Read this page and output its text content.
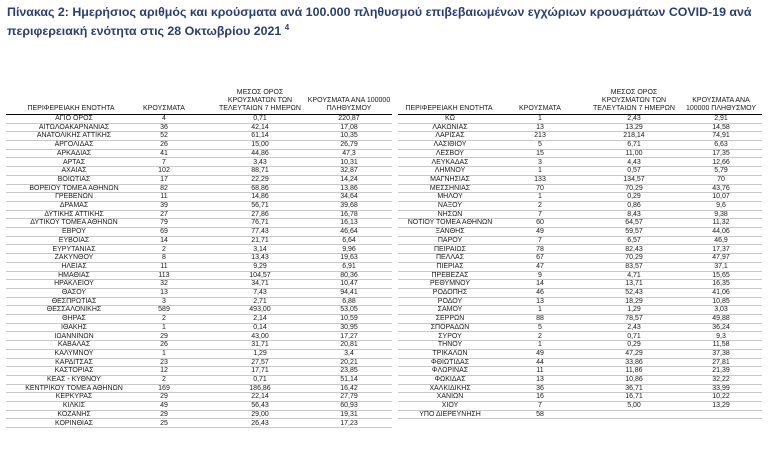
Πίνακας 2: Ημερήσιος αριθμός και κρούσματα ανά 100.000 πληθυσμού επιβεβαιωμένων εγχώριων κρουσμάτων COVID-19 ανά περιφερειακή ενότητα στις 28 Οκτωβρίου 2021 $^4$
ΠΕΡΙΦΕΡΕΙΑΚΗ ΕΝΟΤΗΤΑ	ΚΡΟΥΣΜΑΤΑ
ΜΕΣΟΣ ΟΡΟΣ ΚΡΟΥΣΜΑΤΩΝ ΤΩΝ ΤΕΛΕΥΤΑΙΩΝ 7 ΗΜΕΡΩΝ
ΚΡΟΥΣΜΑΤΑ ΑΝΑ 100000 ΠΛΗΘΥΣΜΟΥ
ΑΓΙΟ ΟΡΟΣ	4	0,71	220,87
ΑΙΤΩΛΟΑΚΑΡΝΑΝΙΑΣ	36	42,14	17,08
ΑΝΑΤΟΛΙΚΗΣ ΑΤΤΙΚΗΣ	52	61,14	10,35
ΑΡΓΟΛΙΔΑΣ	26	15,00	26,79
ΑΡΚΑΔΙΑΣ	41	44,86	47,3
ΑΡΤΑΣ	7	3,43	10,31
ΑΧΑΪΑΣ	102	88,71	32,87
ΒΟΙΩΤΙΑΣ	17	22,29	14,24
ΒΟΡΕΙΟΥ ΤΟΜΕΑ ΑΘΗΝΩΝ	82	68,86	13,86
ΓΡΕΒΕΝΩΝ	11	14,86	34,64
ΔΡΑΜΑΣ	39	56,71	39,68
ΔΥΤΙΚΗΣ ΑΤΤΙΚΗΣ	27	27,86	16,78
ΔΥΤΙΚΟΥ ΤΟΜΕΑ ΑΘΗΝΩΝ	79	76,71	16,13
ΕΒΡΟΥ	69	77,43	46,64
ΕΥΒΟΙΑΣ	14	21,71	6,64
ΕΥΡΥΤΑΝΙΑΣ	2	3,14	9,96
ΖΑΚΥΝΘΟΥ	8	13,43	19,63
ΗΛΕΙΑΣ	11	9,29	6,91
ΗΜΑΘΙΑΣ	113	104,57	80,36
ΗΡΑΚΛΕΙΟΥ	32	34,71	10,47
ΘΑΣΟΥ	13	7,43	94,41
ΘΕΣΠΡΩΤΙΑΣ	3	2,71	6,88
ΘΕΣΣΑΛΟΝΙΚΗΣ	589	493,00	53,05
ΘΗΡΑΣ	2	2,14	10,59
ΙΘΑΚΗΣ	1	0,14	30,95
ΙΩΑΝΝΙΝΩΝ	29	43,00	17,27
ΚΑΒΑΛΑΣ	26	31,71	20,81
ΚΑΛΥΜΝΟΥ	1	1,29	3,4
ΚΑΡΔΙΤΣΑΣ	23	27,57	20,21
ΚΑΣΤΟΡΙΑΣ	12	17,71	23,85
ΚΕΑΣ - ΚΥΘΝΟΥ	2	0,71	51,14
ΚΕΝΤΡΙΚΟΥ ΤΟΜΕΑ ΑΘΗΝΩΝ	169	186,86	16,42
ΚΕΡΚΥΡΑΣ	29	22,14	27,79
ΚΙΛΚΙΣ	49	56,43	60,93
ΚΟΖΑΝΗΣ	29	29,00	19,31
ΚΟΡΙΝΘΙΑΣ	25	26,43	17,23
ΠΕΡΙΦΕΡΕΙΑΚΗ ΕΝΟΤΗΤΑ	ΚΡΟΥΣΜΑΤΑ
ΜΕΣΟΣ ΟΡΟΣ ΚΡΟΥΣΜΑΤΩΝ ΤΩΝ ΤΕΛΕΥΤΑΙΩΝ 7 ΗΜΕΡΩΝ
ΚΡΟΥΣΜΑΤΑ ΑΝΑ 100000 ΠΛΗΘΥΣΜΟΥ
ΚΩ	1	2,43	2,91
ΛΑΚΩΝΙΑΣ	13	13,29	14,58
ΛΑΡΙΣΑΣ	213	218,14	74,91
ΛΑΣΙΘΙΟΥ	5	6,71	6,63
ΛΕΣΒΟΥ	15	11,00	17,35
ΛΕΥΚΑΔΑΣ	3	4,43	12,66
ΛΗΜΝΟΥ	1	0,57	5,79
ΜΑΓΝΗΣΙΑΣ	133	134,57	70
ΜΕΣΣΗΝΙΑΣ	70	70,29	43,76
ΜΗΛΟΥ	1	0,29	10,07
ΝΑΞΟΥ	2	0,86	9,6
ΝΗΣΩΝ	7	8,43	9,38
ΝΟΤΙΟΥ ΤΟΜΕΑ ΑΘΗΝΩΝ	60	64,57	11,32
ΞΑΝΘΗΣ	49	59,57	44,06
ΠΑΡΟΥ	7	6,57	46,9
ΠΕΙΡΑΙΩΣ	78	82,43	17,37
ΠΕΛΛΑΣ	67	70,29	47,97
ΠΙΕΡΙΑΣ	47	83,57	37,1
ΠΡΕΒΕΖΑΣ	9	4,71	15,65
ΡΕΘΥΜΝΟΥ	14	13,71	16,35
ΡΟΔΟΠΗΣ	46	52,43	41,06
ΡΟΔΟΥ	13	18,29	10,85
ΣΑΜΟΥ	1	1,29	3,03
ΣΕΡΡΩΝ	88	78,57	49,88
ΣΠΟΡΑΔΩΝ	5	2,43	36,24
ΣΥΡΟΥ	2	0,71	9,3
ΤΗΝΟΥ	1	0,29	11,58
ΤΡΙΚΑΛΩΝ	49	47,29	37,38
ΦΘΙΩΤΙΔΑΣ	44	33,86	27,81
ΦΛΩΡΙΝΑΣ	11	11,86	21,39
ΦΩΚΙΔΑΣ	13	10,86	32,22
ΧΑΛΚΙΔΙΚΗΣ	36	36,71	33,99
ΧΑΝΙΩΝ	16	16,71	10,22
ΧΙΟΥ	7	5,00	13,29
ΥΠΟ ΔΙΕΡΕΥΝΗΣΗ	58
